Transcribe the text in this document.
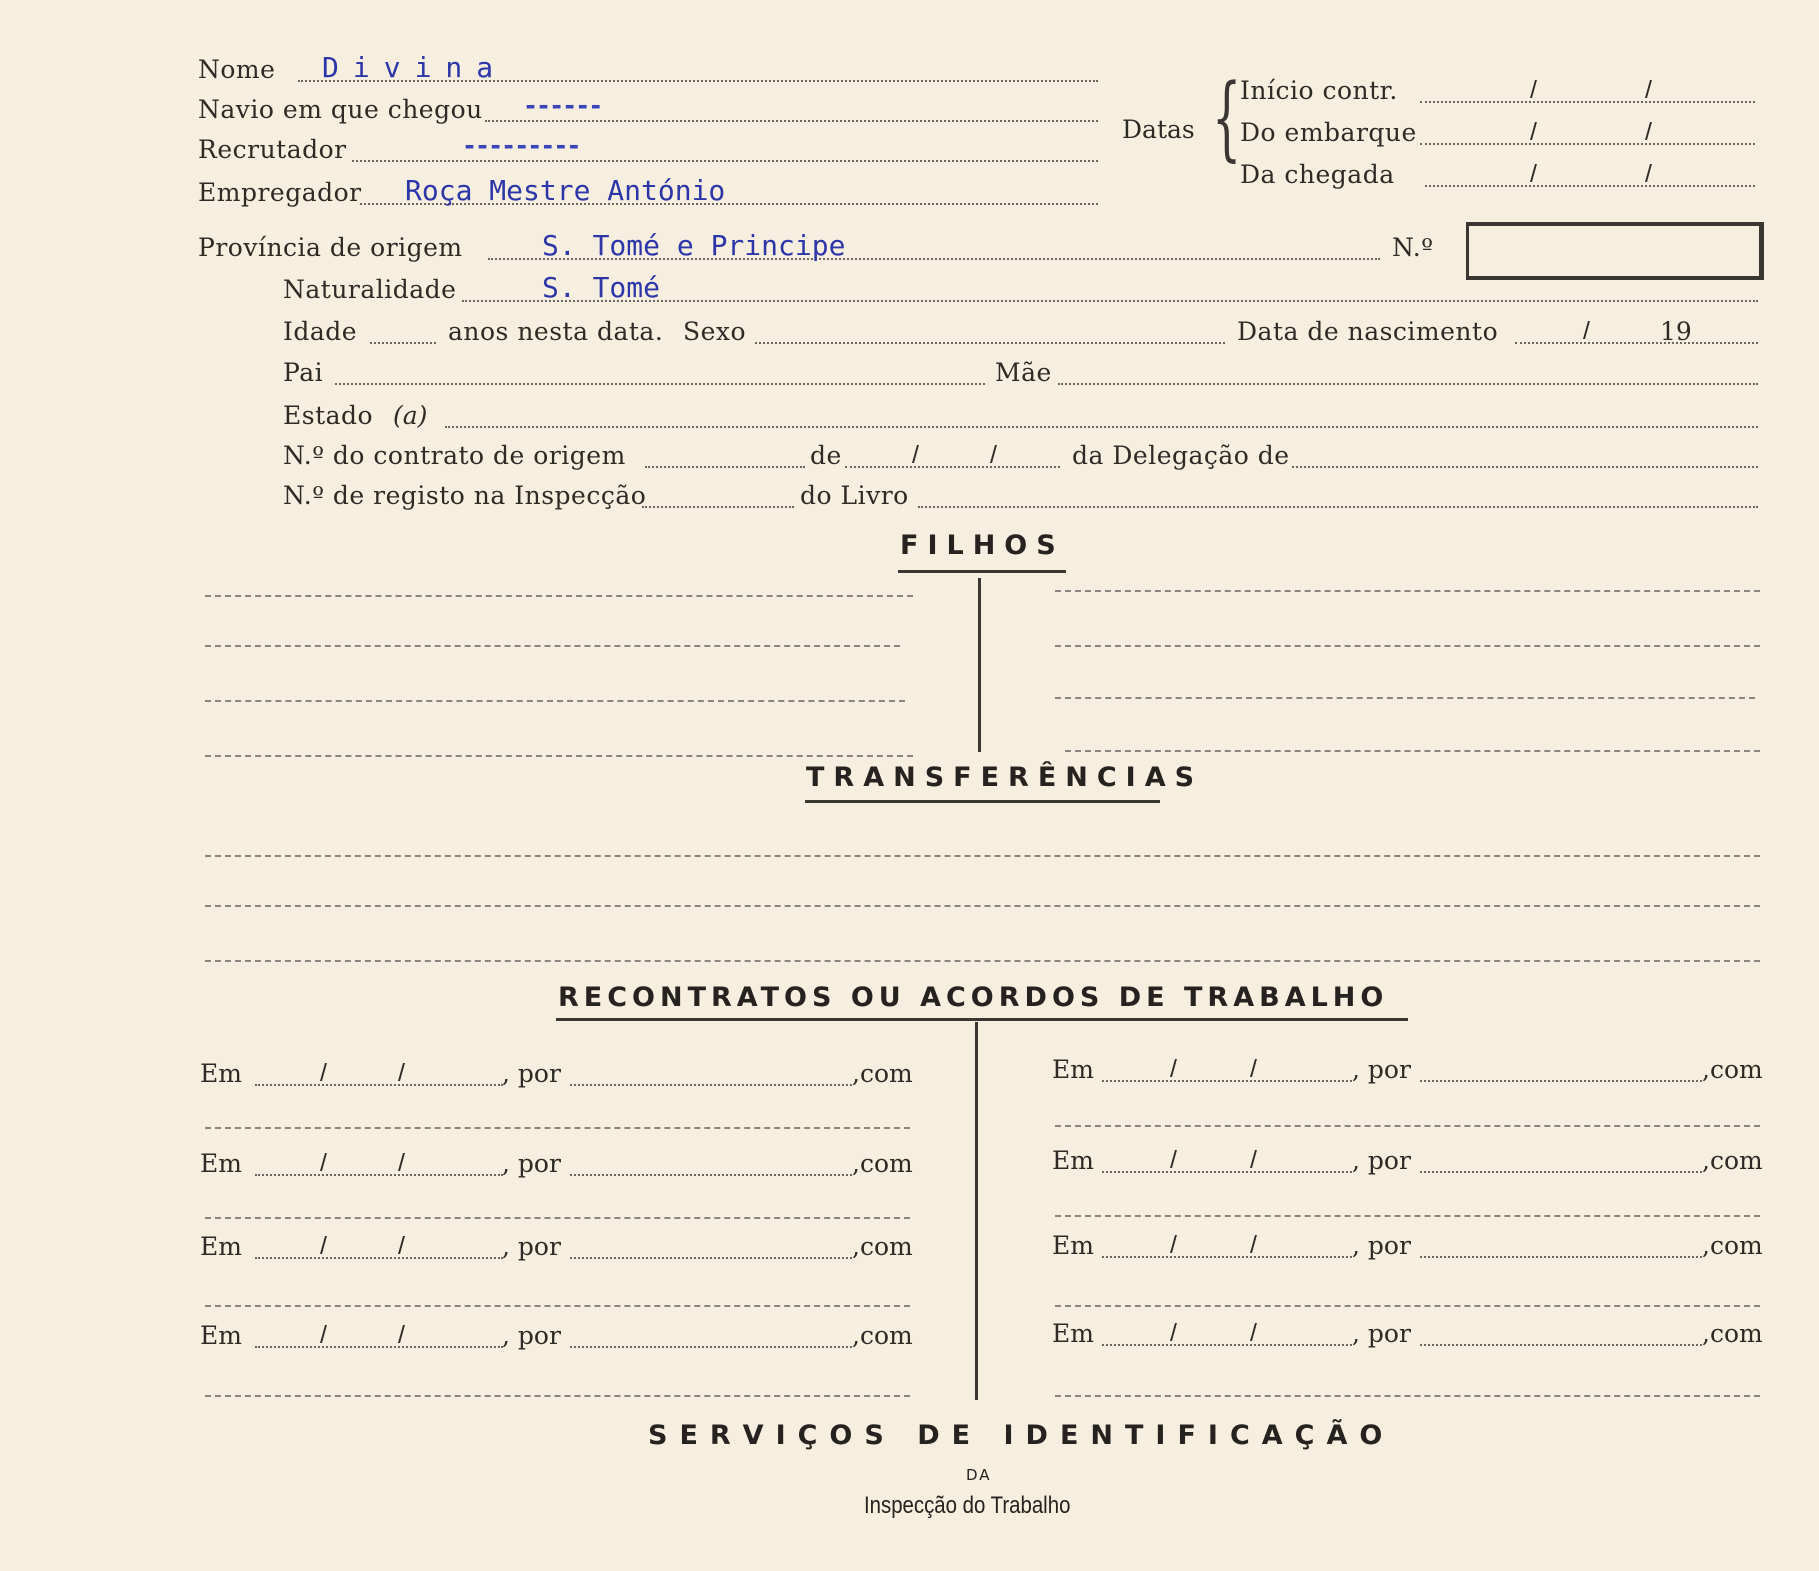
Nome Divina
Navio em que chegou ------
Recrutador	---------
Empregador Roça Mestre António
Datas {
Início contr.	/	/
Do embarque	/	/
Da chegada	/	/
Província de origem	S. Tomé e Principe	N.º
Naturalidade	S. Tomé
Idade	anos nesta data. Sexo	Data de nascimento	/	19
Pai	Mãe
Estado (a)
N.º do contrato de origem	de	/	/	da Delegação de
N.º de registo na Inspecção	do Livro
FILHOS
TRANSFERÊNCIAS
RECONTRATOS OU ACORDOS DE TRABALHO
Em	/	/	, por	,com
Em	/	/	, por	,com
Em	/	/	, por	,com
Em	/	/	, por	,com
Em	/	/	, por	,com
Em	/	/	, por	,com
Em	/	/	, por	,com
Em	/	/	, por	,com
SERVIÇOS DE IDENTIFICAÇÃO
DA
Inspecção do Trabalho
